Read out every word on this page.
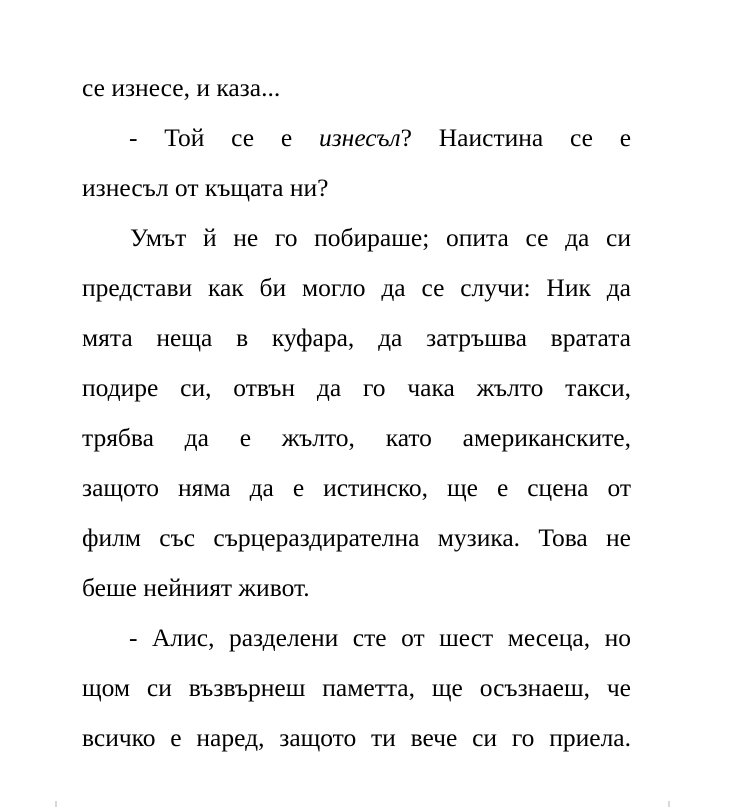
се изнесе, и каза...
- Той се е изнесъл? Наистина се е
изнесъл от къщата ни?
Умът й не го побираше; опита се да си
представи как би могло да се случи: Ник да
мята неща в куфара, да затръшва вратата
подире си, отвън да го чака жълто такси,
трябва да е жълто, като американските,
защото няма да е истинско, ще е сцена от
филм със сърцераздирателна музика. Това не
беше нейният живот.
- Алис, разделени сте от шест месеца, но
щом си възвърнеш паметта, ще осъзнаеш, че
всичко е наред, защото ти вече си го приела.
